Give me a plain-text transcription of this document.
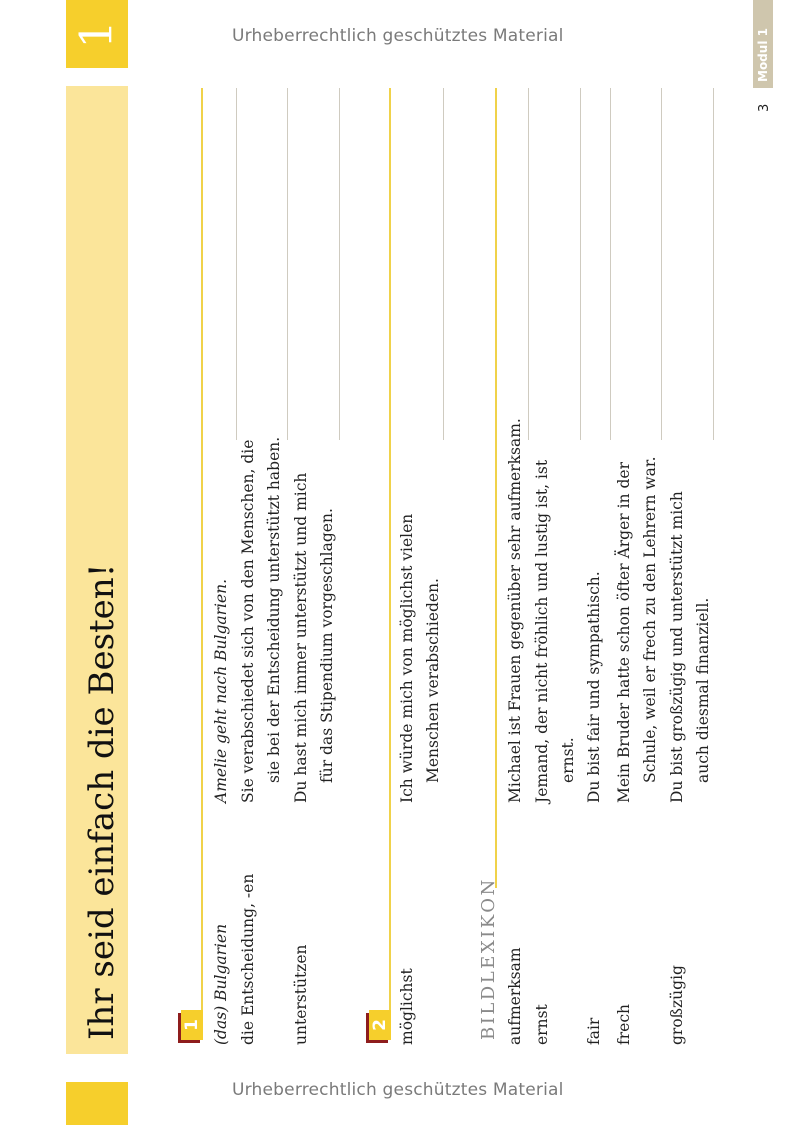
1
Ihr seid einfach die Besten!
Urheberrechtlich geschütztes Material
Urheberrechtlich geschütztes Material
Modul 1
3
1	2
(das) Bulgarien die Entscheidung, -en unterstützen
Amelie geht nach Bulgarien. Sie verabschiedet sich von den Menschen, die sie bei der Entscheidung unterstützt haben. Du hast mich immer unterstützt und mich für das Stipendium vorgeschlagen.
möglichst
Ich würde mich von möglichst vielen Menschen verabschieden.
BILDLEXIKON aufmerksam ernst fair frech großzügig
Michael ist Frauen gegenüber sehr aufmerksam. Jemand, der nicht fröhlich und lustig ist, ist ernst. Du bist fair und sympathisch. Mein Bruder hatte schon öfter Ärger in der Schule, weil er frech zu den Lehrern war. Du bist großzügig und unterstützt mich auch diesmal finanziell.
